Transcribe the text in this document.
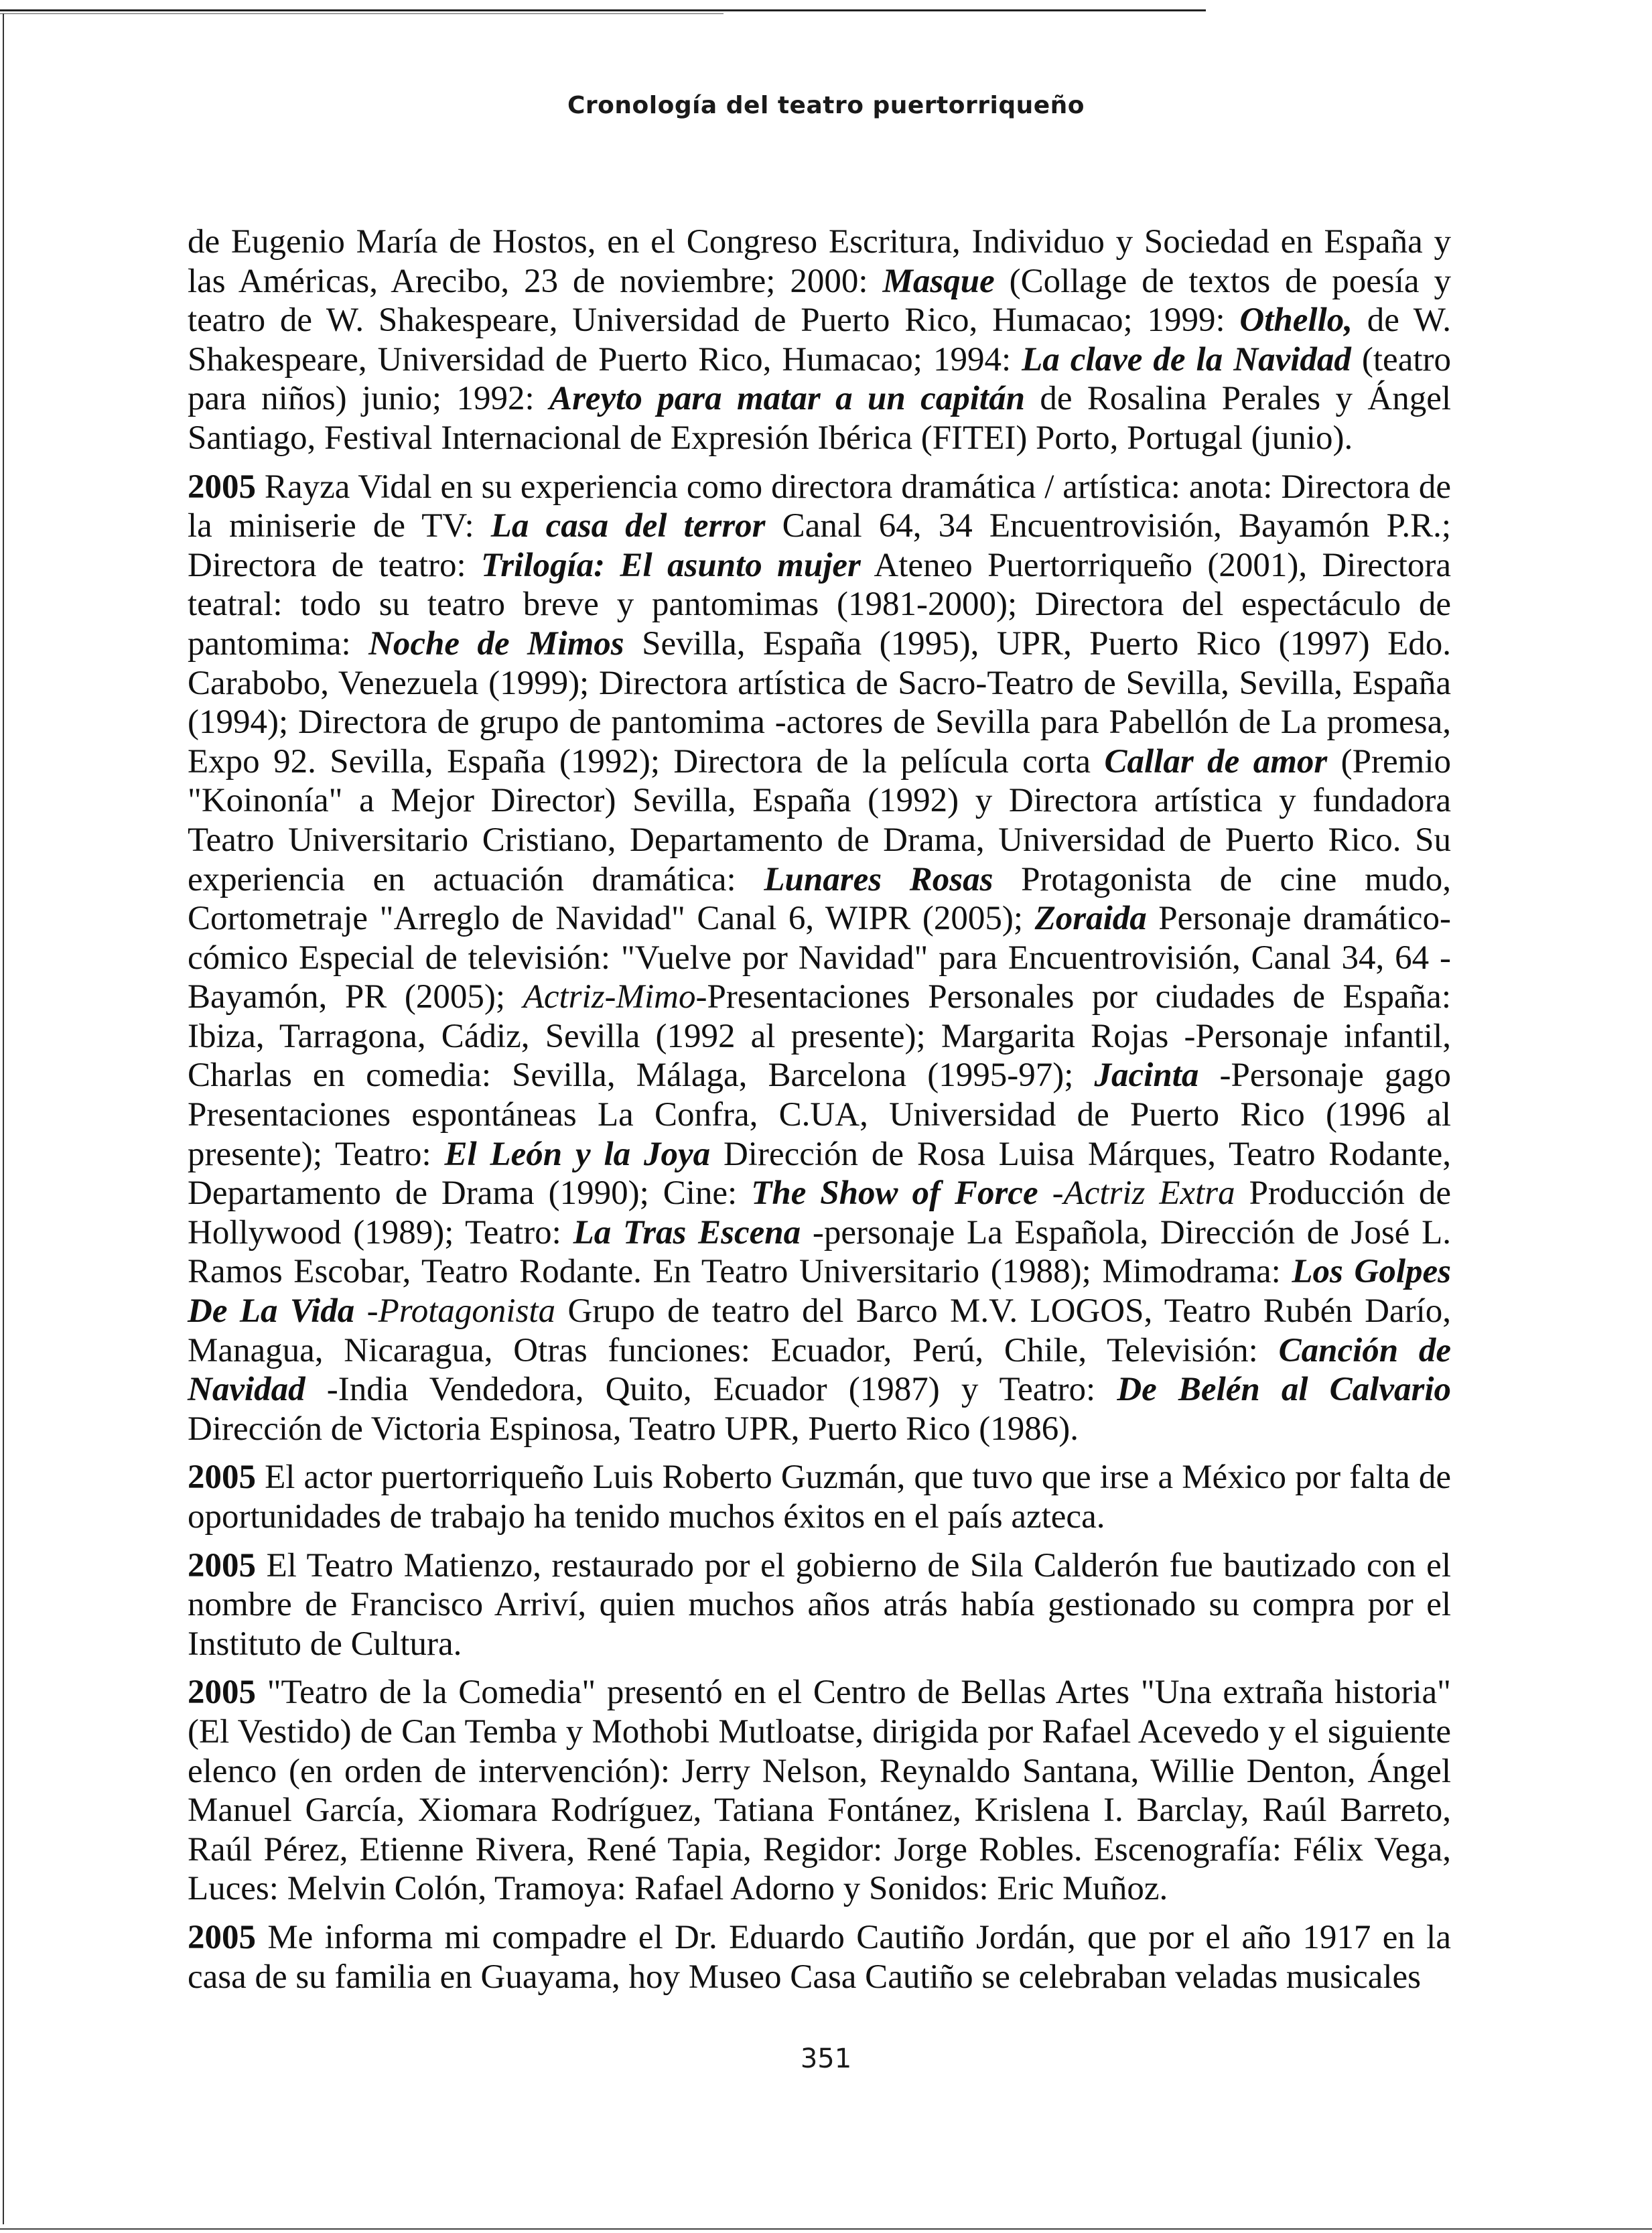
Cronología del teatro puertorriqueño

de Eugenio María de Hostos, en el Congreso Escritura, Individuo y Sociedad en España y las Américas, Arecibo, 23 de noviembre; 2000: Masque (Collage de textos de poesía y teatro de W. Shakespeare, Universidad de Puerto Rico, Humacao; 1999: Othello, de W. Shakespeare, Universidad de Puerto Rico, Humacao; 1994: La clave de la Navidad (teatro para niños) junio; 1992: Areyto para matar a un capitán de Rosalina Perales y Ángel Santiago, Festival Internacional de Expresión Ibérica (FITEI) Porto, Portugal (junio).

2005 Rayza Vidal en su experiencia como directora dramática / artística: anota: Directora de la miniserie de TV: La casa del terror Canal 64, 34 Encuentrovisión, Bayamón P.R.; Directora de teatro: Trilogía: El asunto mujer Ateneo Puertorriqueño (2001), Directora teatral: todo su teatro breve y pantomimas (1981-2000); Directora del espectáculo de pantomima: Noche de Mimos Sevilla, España (1995), UPR, Puerto Rico (1997) Edo. Carabobo, Venezuela (1999); Directora artística de Sacro-Teatro de Sevilla, Sevilla, España (1994); Directora de grupo de pantomima -actores de Sevilla para Pabellón de La promesa, Expo 92. Sevilla, España (1992); Directora de la película corta Callar de amor (Premio "Koinonía" a Mejor Director) Sevilla, España (1992) y Directora artística y fundadora Teatro Universitario Cristiano, Departamento de Drama, Universidad de Puerto Rico. Su experiencia en actuación dramática: Lunares Rosas Protagonista de cine mudo, Cortometraje "Arreglo de Navidad" Canal 6, WIPR (2005); Zoraida Personaje dramático-cómico Especial de televisión: "Vuelve por Navidad" para Encuentrovisión, Canal 34, 64 - Bayamón, PR (2005); Actriz-Mimo-Presentaciones Personales por ciudades de España: Ibiza, Tarragona, Cádiz, Sevilla (1992 al presente); Margarita Rojas -Personaje infantil, Charlas en comedia: Sevilla, Málaga, Barcelona (1995-97); Jacinta -Personaje gago Presentaciones espontáneas La Confra, C.UA, Universidad de Puerto Rico (1996 al presente); Teatro: El León y la Joya Dirección de Rosa Luisa Márques, Teatro Rodante, Departamento de Drama (1990); Cine: The Show of Force -Actriz Extra Producción de Hollywood (1989); Teatro: La Tras Escena -personaje La Española, Dirección de José L. Ramos Escobar, Teatro Rodante. En Teatro Universitario (1988); Mimodrama: Los Golpes De La Vida -Protagonista Grupo de teatro del Barco M.V. LOGOS, Teatro Rubén Darío, Managua, Nicaragua, Otras funciones: Ecuador, Perú, Chile, Televisión: Canción de Navidad -India Vendedora, Quito, Ecuador (1987) y Teatro: De Belén al Calvario Dirección de Victoria Espinosa, Teatro UPR, Puerto Rico (1986).

2005 El actor puertorriqueño Luis Roberto Guzmán, que tuvo que irse a México por falta de oportunidades de trabajo ha tenido muchos éxitos en el país azteca.

2005 El Teatro Matienzo, restaurado por el gobierno de Sila Calderón fue bautizado con el nombre de Francisco Arriví, quien muchos años atrás había gestionado su compra por el Instituto de Cultura.

2005 "Teatro de la Comedia" presentó en el Centro de Bellas Artes "Una extraña historia" (El Vestido) de Can Temba y Mothobi Mutloatse, dirigida por Rafael Acevedo y el siguiente elenco (en orden de intervención): Jerry Nelson, Reynaldo Santana, Willie Denton, Ángel Manuel García, Xiomara Rodríguez, Tatiana Fontánez, Krislena I. Barclay, Raúl Barreto, Raúl Pérez, Etienne Rivera, René Tapia, Regidor: Jorge Robles. Escenografía: Félix Vega, Luces: Melvin Colón, Tramoya: Rafael Adorno y Sonidos: Eric Muñoz.

2005 Me informa mi compadre el Dr. Eduardo Cautiño Jordán, que por el año 1917 en la casa de su familia en Guayama, hoy Museo Casa Cautiño se celebraban veladas musicales

351
